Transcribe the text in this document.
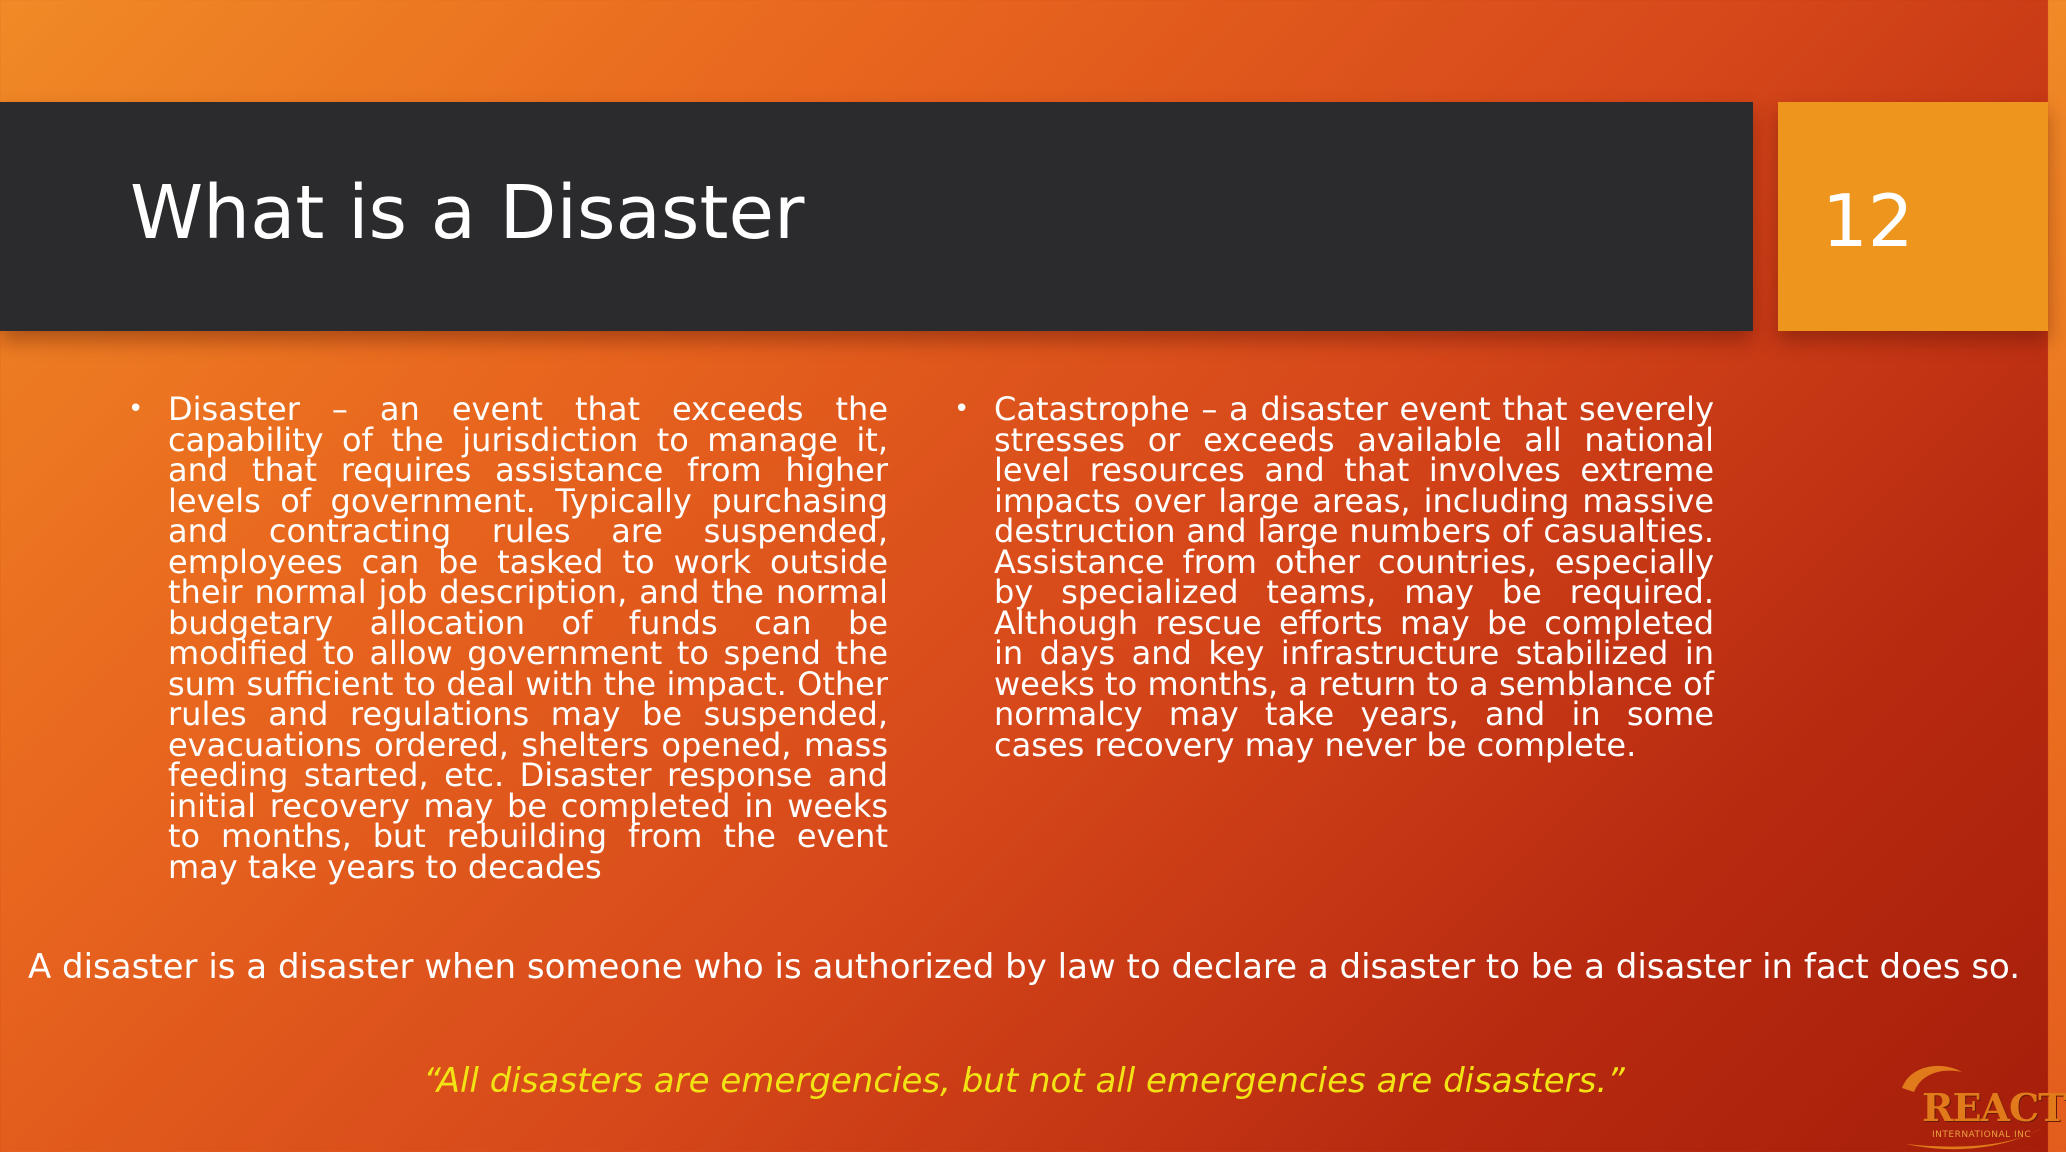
What is a Disaster	12
• Disaster – an event that exceeds the capability of the jurisdiction to manage it, and that requires assistance from higher levels of government. Typically purchasing and contracting rules are suspended, employees can be tasked to work outside their normal job description, and the normal budgetary allocation of funds can be modified to allow government to spend the sum sufficient to deal with the impact. Other rules and regulations may be suspended, evacuations ordered, shelters opened, mass feeding started, etc. Disaster response and initial recovery may be completed in weeks to months, but rebuilding from the event may take years to decades
• Catastrophe – a disaster event that severely stresses or exceeds available all national level resources and that involves extreme impacts over large areas, including massive destruction and large numbers of casualties. Assistance from other countries, especially by specialized teams, may be required. Although rescue efforts may be completed in days and key infrastructure stabilized in weeks to months, a return to a semblance of normalcy may take years, and in some cases recovery may never be complete.
A disaster is a disaster when someone who is authorized by law to declare a disaster to be a disaster in fact does so.
“All disasters are emergencies, but not all emergencies are disasters.”
REACT
INTERNATIONAL INC
